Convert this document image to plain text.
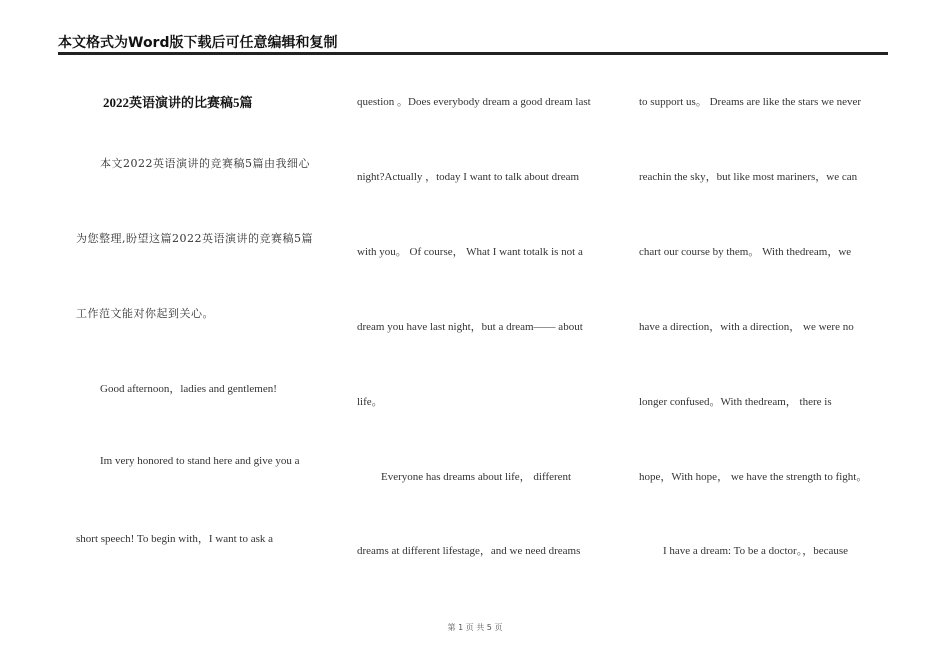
本文格式为Word版下载后可任意编辑和复制
2022英语演讲的比赛稿5篇
本文2022英语演讲的竞赛稿5篇由我细心
为您整理,盼望这篇2022英语演讲的竞赛稿5篇
工作范文能对你起到关心。
Good afternoon，ladies and gentlemen!
Im very honored to stand here and give you a
short speech! To begin with，I want to ask a
question 。Does everybody dream a good dream last
night?Actually ，today I want to talk about dream
with you。 Of course， What I want totalk is not a
dream you have last night，but a dream—— about
life。
Everyone has dreams about life， different
dreams at different lifestage，and we need dreams
to support us。 Dreams are like the stars we never
reachin the sky，but like most mariners，we can
chart our course by them。 With thedream，we
have a direction，with a direction， we were no
longer confused。With thedream， there is
hope，With hope， we have the strength to fight。
I have a dream: To be a doctor。，because
第 1 页 共 5 页
